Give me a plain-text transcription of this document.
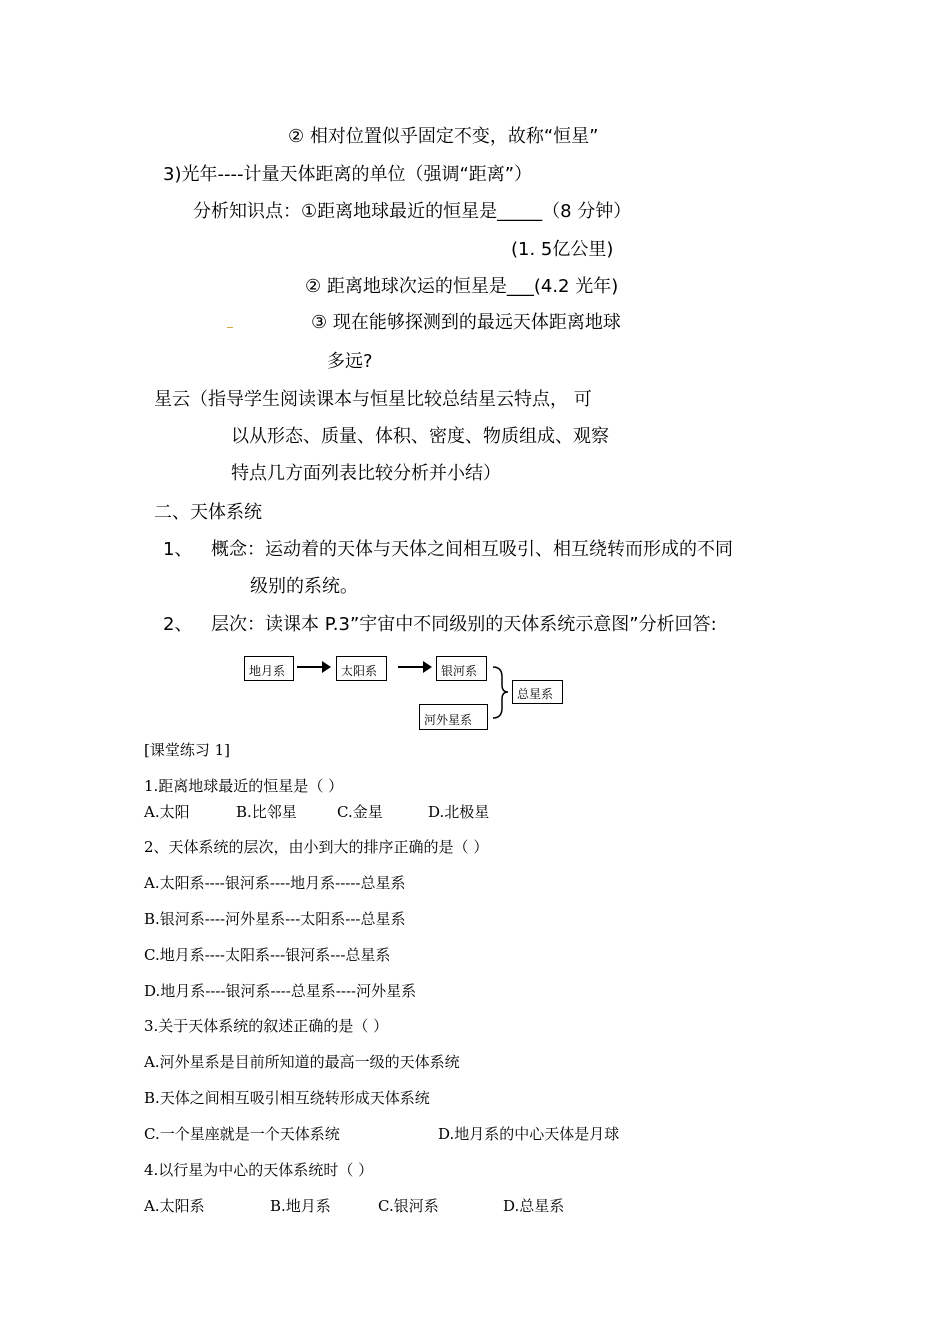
② 相对位置似乎固定不变，故称“恒星”
3)光年----计量天体距离的单位（强调“距离”）
分析知识点：①距离地球最近的恒星是_____（8 分钟）
(1. 5亿公里)
② 距离地球次运的恒星是___(4.2 光年)
③ 现在能够探测到的最远天体距离地球
多远?
星云（指导学生阅读课本与恒星比较总结星云特点， 可
以从形态、质量、体积、密度、物质组成、观察
特点几方面列表比较分析并小结）
二、天体系统
1、 概念：运动着的天体与天体之间相互吸引、相互绕转而形成的不同
级别的系统。
2、 层次：读课本 P.3”宇宙中不同级别的天体系统示意图”分析回答:
地月系	太阳系	银河系
河外星系
总星系
[课堂练习 1]
1.距离地球最近的恒星是（ ）
A.太阳	B.比邻星	C.金星	D.北极星
2、天体系统的层次，由小到大的排序正确的是（ ）
A.太阳系----银河系----地月系-----总星系
B.银河系----河外星系---太阳系---总星系
C.地月系----太阳系---银河系---总星系
D.地月系----银河系----总星系----河外星系
3.关于天体系统的叙述正确的是（ ）
A.河外星系是目前所知道的最高一级的天体系统
B.天体之间相互吸引相互绕转形成天体系统
C.一个星座就是一个天体系统	D.地月系的中心天体是月球
4.以行星为中心的天体系统时（ ）
A.太阳系	B.地月系	C.银河系	D.总星系
